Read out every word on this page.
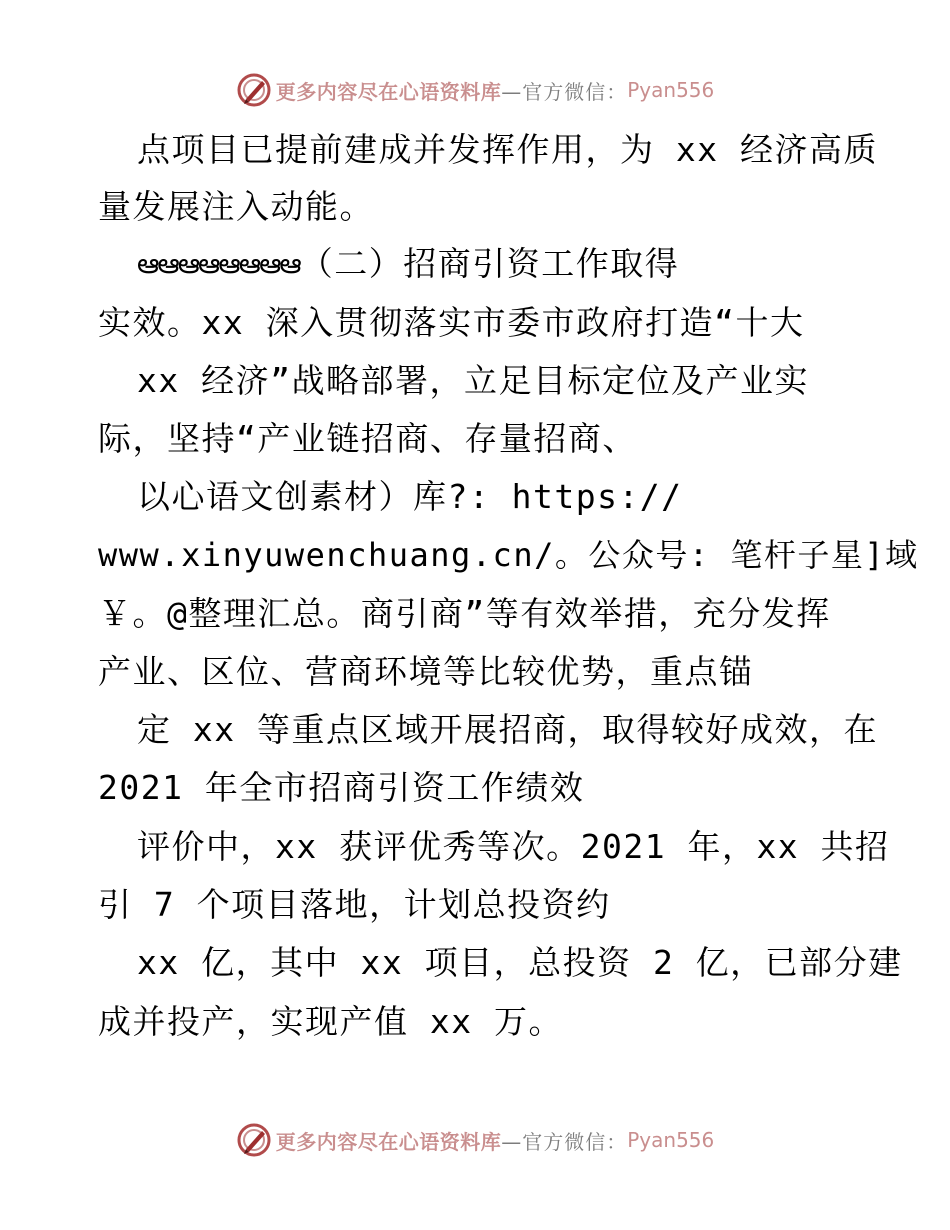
更多内容尽在心语资料库 —官方微信： Pyan556
点项目已提前建成并发挥作用，为 xx 经济高质
量发展注入动能。
ఆఆఆఆఆఆఆఆ（二）招商引资工作取得
实效。xx 深入贯彻落实市委市政府打造“十大
xx 经济”战略部署，立足目标定位及产业实
际，坚持“产业链招商、存量招商、
以心语文创素材）库?: https://
www.xinyuwenchuang.cn/。公众号: 笔杆子星]域
￥。@整理汇总。商引商”等有效举措，充分发挥
产业、区位、营商环境等比较优势，重点锚
定 xx 等重点区域开展招商，取得较好成效，在
2021 年全市招商引资工作绩效
评价中，xx 获评优秀等次。2021 年，xx 共招
引 7 个项目落地，计划总投资约
xx 亿，其中 xx 项目，总投资 2 亿，已部分建
成并投产，实现产值 xx 万。
更多内容尽在心语资料库 —官方微信： Pyan556
